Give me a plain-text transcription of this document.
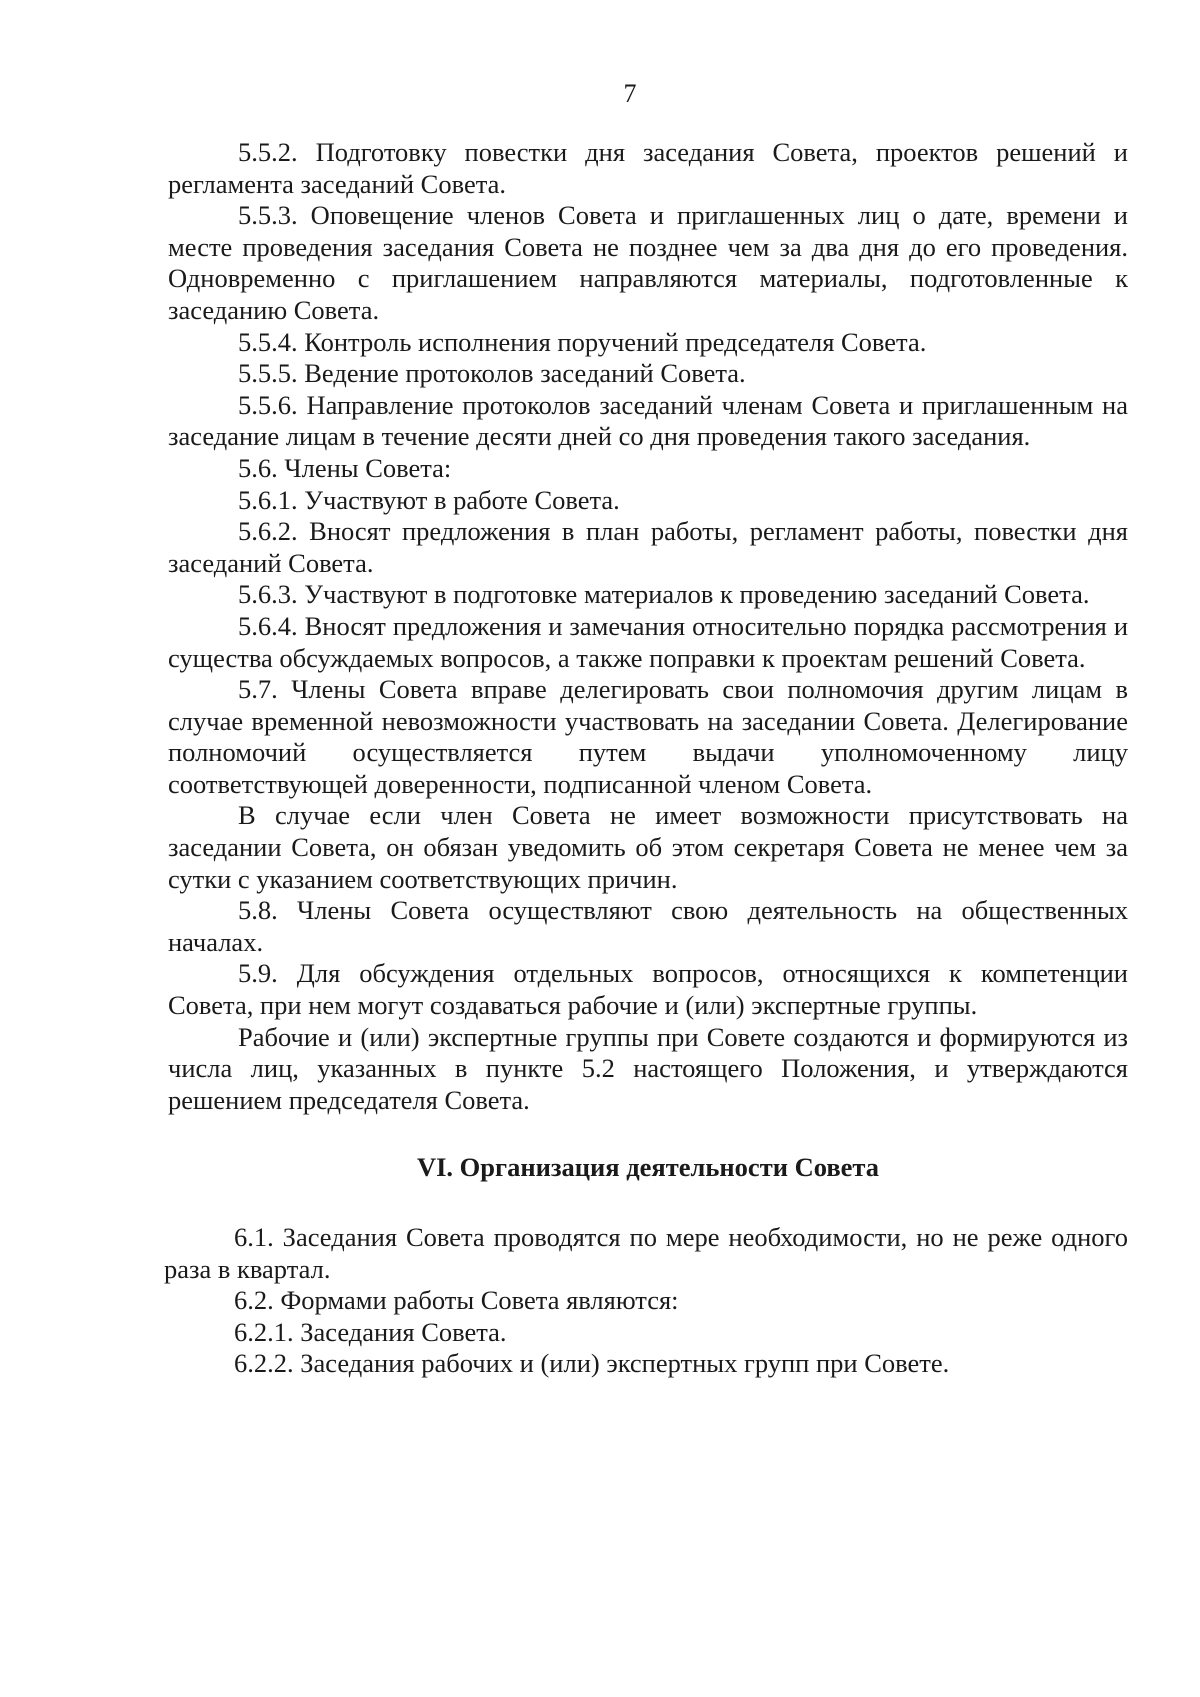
7

5.5.2. Подготовку повестки дня заседания Совета, проектов решений и регламента заседаний Совета.

5.5.3. Оповещение членов Совета и приглашенных лиц о дате, времени и месте проведения заседания Совета не позднее чем за два дня до его проведения. Одновременно с приглашением направляются материалы, подготовленные к заседанию Совета.

5.5.4. Контроль исполнения поручений председателя Совета.

5.5.5. Ведение протоколов заседаний Совета.

5.5.6. Направление протоколов заседаний членам Совета и приглашенным на заседание лицам в течение десяти дней со дня проведения такого заседания.

5.6. Члены Совета:

5.6.1. Участвуют в работе Совета.

5.6.2. Вносят предложения в план работы, регламент работы, повестки дня заседаний Совета.

5.6.3. Участвуют в подготовке материалов к проведению заседаний Совета.

5.6.4. Вносят предложения и замечания относительно порядка рассмотрения и существа обсуждаемых вопросов, а также поправки к проектам решений Совета.

5.7. Члены Совета вправе делегировать свои полномочия другим лицам в случае временной невозможности участвовать на заседании Совета. Делегирование полномочий осуществляется путем выдачи уполномоченному лицу соответствующей доверенности, подписанной членом Совета.

В случае если член Совета не имеет возможности присутствовать на заседании Совета, он обязан уведомить об этом секретаря Совета не менее чем за сутки с указанием соответствующих причин.

5.8. Члены Совета осуществляют свою деятельность на общественных началах.

5.9. Для обсуждения отдельных вопросов, относящихся к компетенции Совета, при нем могут создаваться рабочие и (или) экспертные группы.

Рабочие и (или) экспертные группы при Совете создаются и формируются из числа лиц, указанных в пункте 5.2 настоящего Положения, и утверждаются решением председателя Совета.

VI. Организация деятельности Совета

6.1. Заседания Совета проводятся по мере необходимости, но не реже одного раза в квартал.

6.2. Формами работы Совета являются:

6.2.1. Заседания Совета.

6.2.2. Заседания рабочих и (или) экспертных групп при Совете.
